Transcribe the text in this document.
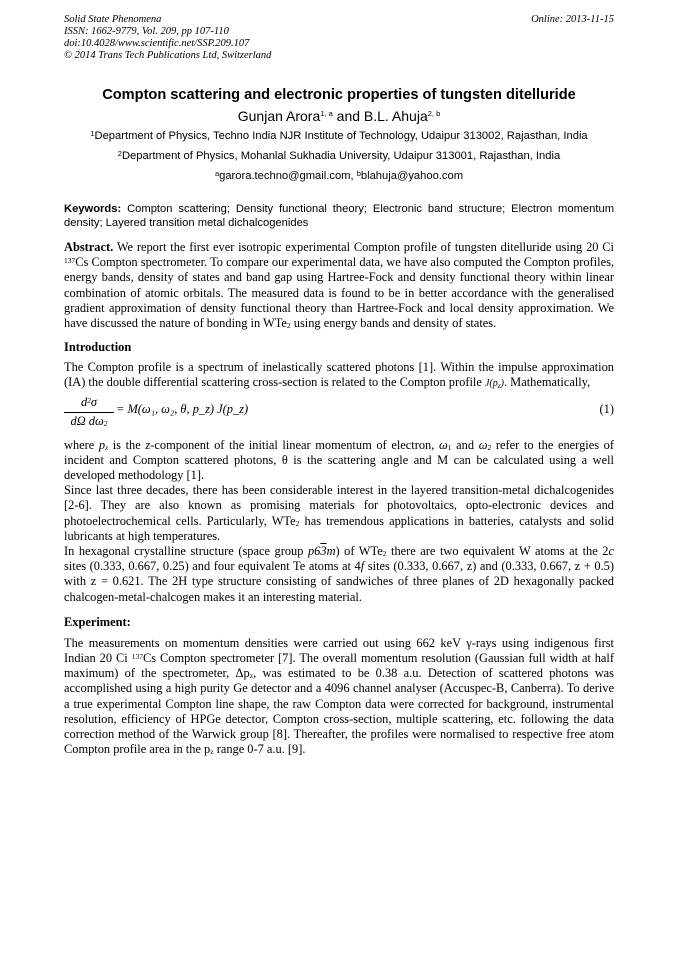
Solid State Phenomena	Online: 2013-11-15
ISSN: 1662-9779, Vol. 209, pp 107-110
doi:10.4028/www.scientific.net/SSP.209.107
© 2014 Trans Tech Publications Ltd, Switzerland
Compton scattering and electronic properties of tungsten ditelluride
Gunjan Arora$^{1, a}$ and B.L. Ahuja$^{2, b}$
$^1$Department of Physics, Techno India NJR Institute of Technology, Udaipur 313002, Rajasthan, India
$^2$Department of Physics, Mohanlal Sukhadia University, Udaipur 313001, Rajasthan, India
$^a$garora.techno@gmail.com, $^b$blahuja@yahoo.com
Keywords: Compton scattering; Density functional theory; Electronic band structure; Electron momentum density; Layered transition metal dichalcogenides
Abstract. We report the first ever isotropic experimental Compton profile of tungsten ditelluride using 20 Ci $^{137}$Cs Compton spectrometer. To compare our experimental data, we have also computed the Compton profiles, energy bands, density of states and band gap using Hartree-Fock and density functional theory within linear combination of atomic orbitals. The measured data is found to be in better accordance with the generalised gradient approximation of density functional theory than Hartree-Fock and local density approximation. We have discussed the nature of bonding in WTe$_2$ using energy bands and density of states.
Introduction
The Compton profile is a spectrum of inelastically scattered photons [1]. Within the impulse approximation (IA) the double differential scattering cross-section is related to the Compton profile $J(p_z)$. Mathematically,
$\frac{d^2\sigma}{d\Omega d\omega_2} = M(\omega_1$, ω₂, θ, p_z) J(p_z)	(1)
where $p_z$ is the z-component of the initial linear momentum of electron, $\omega_1$ and $\omega_2$ refer to the energies of incident and Compton scattered photons, θ is the scattering angle and M can be calculated using a well developed methodology [1].
Since last three decades, there has been considerable interest in the layered transition-metal dichalcogenides [2-6]. They are also known as promising materials for photovoltaics, opto-electronic devices and photoelectrochemical cells. Particularly, WTe$_2$ has tremendous applications in batteries, catalysts and solid lubricants at high temperatures.
In hexagonal crystalline structure (space group p63m) of WTe$_2$ there are two equivalent W atoms at the 2c sites (0.333, 0.667, 0.25) and four equivalent Te atoms at 4f sites (0.333, 0.667, z) and (0.333, 0.667, z + 0.5) with z = 0.621. The 2H type structure consisting of sandwiches of three planes of 2D hexagonally packed chalcogen-metal-chalcogen makes it an interesting material.
Experiment:
The measurements on momentum densities were carried out using 662 keV γ-rays using indigenous first Indian 20 Ci $^{137}$Cs Compton spectrometer [7]. The overall momentum resolution (Gaussian full width at half maximum) of the spectrometer, $\Delta p_z$, was estimated to be 0.38 a.u. Detection of scattered photons was accomplished using a high purity Ge detector and a 4096 channel analyser (Accuspec-B, Canberra). To derive a true experimental Compton line shape, the raw Compton data were corrected for background, instrumental resolution, efficiency of HPGe detector, Compton cross-section, multiple scattering, etc. following the data correction method of the Warwick group [8]. Thereafter, the profiles were normalised to respective free atom Compton profile area in the $p_z$ range 0-7 a.u. [9].
